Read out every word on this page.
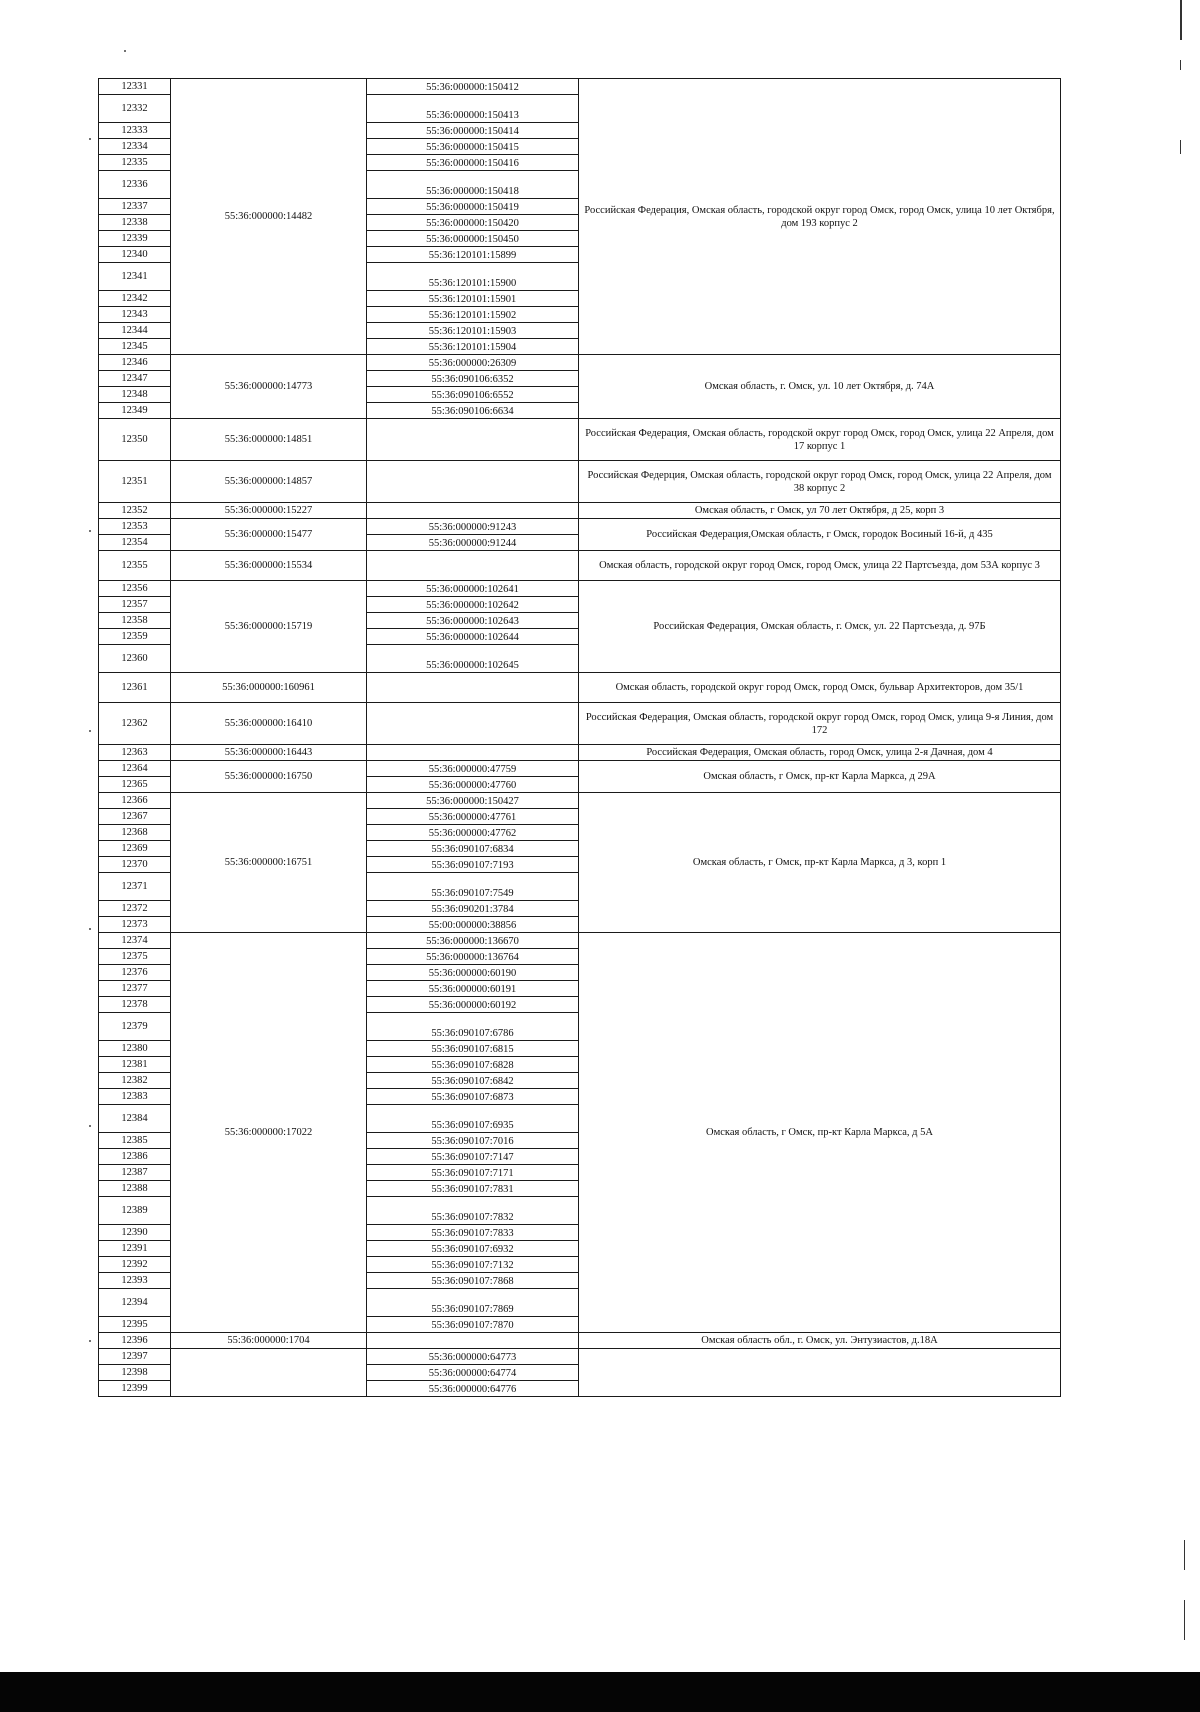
12331	55:36:000000:14482	55:36:000000:150412	Российская Федерация, Омская область, городской округ город Омск, город Омск, улица 10 лет Октября, дом 193 корпус 2
12332		55:36:000000:150413	
12333		55:36:000000:150414	
12334		55:36:000000:150415	
12335		55:36:000000:150416	
12336		55:36:000000:150418	
12337		55:36:000000:150419	
12338		55:36:000000:150420	
12339		55:36:000000:150450	
12340		55:36:120101:15899	
12341		55:36:120101:15900	
12342		55:36:120101:15901	
12343		55:36:120101:15902	
12344		55:36:120101:15903	
12345		55:36:120101:15904	
12346	55:36:000000:14773	55:36:000000:26309	Омская область, г. Омск, ул. 10 лет Октября, д. 74А
12347		55:36:090106:6352	
12348		55:36:090106:6552	
12349		55:36:090106:6634	
12350	55:36:000000:14851		Российская Федерация, Омская область, городской округ город Омск, город Омск, улица 22 Апреля, дом 17 корпус 1
12351	55:36:000000:14857		Российская Федерция, Омская область, городской округ город Омск, город Омск, улица 22 Апреля, дом 38 корпус 2
12352	55:36:000000:15227		Омская область, г Омск, ул 70 лет Октября, д 25, корп 3
12353	55:36:000000:15477	55:36:000000:91243	Российская Федерация,Омская область, г Омск, городок Восиный 16-й, д 435
12354		55:36:000000:91244	
12355	55:36:000000:15534		Омская область, городской округ город Омск, город Омск, улица 22 Партсъезда, дом 53А корпус 3
12356	55:36:000000:15719	55:36:000000:102641	Российская Федерация, Омская область, г. Омск, ул. 22 Партсъезда, д. 97Б
12357		55:36:000000:102642	
12358		55:36:000000:102643	
12359		55:36:000000:102644	
12360		55:36:000000:102645	
12361	55:36:000000:160961		Омская область, городской округ город Омск, город Омск, бульвар Архитекторов, дом 35/1
12362	55:36:000000:16410		Российская Федерация, Омская область, городской округ город Омск, город Омск, улица 9-я Линия, дом 172
12363	55:36:000000:16443		Российская Федерация, Омская область, город Омск, улица 2-я Дачная, дом 4
12364	55:36:000000:16750	55:36:000000:47759	Омская область, г Омск, пр-кт Карла Маркса, д 29А
12365		55:36:000000:47760	
12366	55:36:000000:16751	55:36:000000:150427	Омская область, г Омск, пр-кт Карла Маркса, д 3, корп 1
12367		55:36:000000:47761	
12368		55:36:000000:47762	
12369		55:36:090107:6834	
12370		55:36:090107:7193	
12371		55:36:090107:7549	
12372		55:36:090201:3784	
12373		55:00:000000:38856	
12374	55:36:000000:17022	55:36:000000:136670	Омская область, г Омск, пр-кт Карла Маркса, д 5А
12375		55:36:000000:136764	
12376		55:36:000000:60190	
12377		55:36:000000:60191	
12378		55:36:000000:60192	
12379		55:36:090107:6786	
12380		55:36:090107:6815	
12381		55:36:090107:6828	
12382		55:36:090107:6842	
12383		55:36:090107:6873	
12384		55:36:090107:6935	
12385		55:36:090107:7016	
12386		55:36:090107:7147	
12387		55:36:090107:7171	
12388		55:36:090107:7831	
12389		55:36:090107:7832	
12390		55:36:090107:7833	
12391		55:36:090107:6932	
12392		55:36:090107:7132	
12393		55:36:090107:7868	
12394		55:36:090107:7869	
12395		55:36:090107:7870	
12396	55:36:000000:1704		Омская область обл., г. Омск, ул. Энтузиастов, д.18А
12397		55:36:000000:64773	
12398		55:36:000000:64774	
12399		55:36:000000:64776	
